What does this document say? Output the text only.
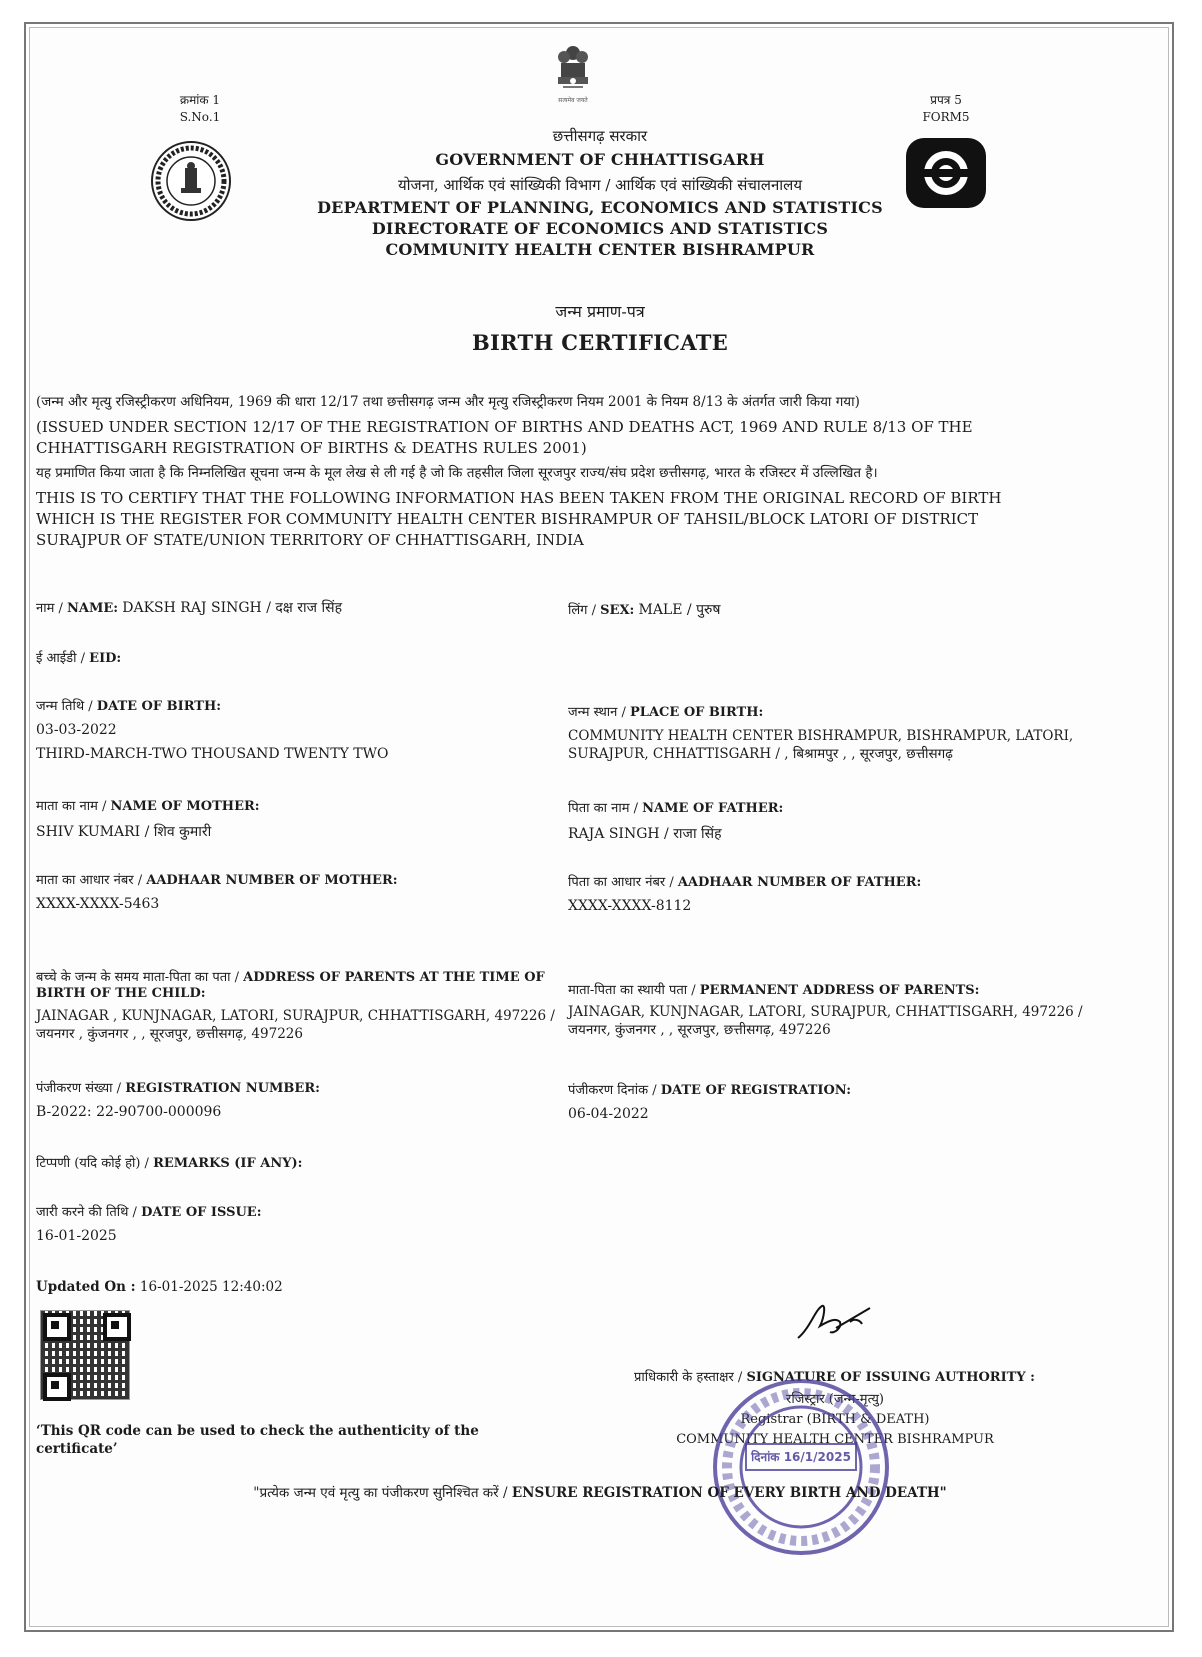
क्रमांक 1
S.No.1
सत्यमेव जयते	प्रपत्र 5
FORM5
छत्तीसगढ़ सरकार
GOVERNMENT OF CHHATTISGARH
योजना, आर्थिक एवं सांख्यिकी विभाग / आर्थिक एवं सांख्यिकी संचालनालय
DEPARTMENT OF PLANNING, ECONOMICS AND STATISTICS
DIRECTORATE OF ECONOMICS AND STATISTICS
COMMUNITY HEALTH CENTER BISHRAMPUR
जन्म प्रमाण-पत्र
BIRTH CERTIFICATE
(जन्म और मृत्यु रजिस्ट्रीकरण अधिनियम, 1969 की धारा 12/17 तथा छत्तीसगढ़ जन्म और मृत्यु रजिस्ट्रीकरण नियम 2001 के नियम 8/13 के अंतर्गत जारी किया गया)
(ISSUED UNDER SECTION 12/17 OF THE REGISTRATION OF BIRTHS AND DEATHS ACT, 1969 AND RULE 8/13 OF THE
CHHATTISGARH REGISTRATION OF BIRTHS & DEATHS RULES 2001)
यह प्रमाणित किया जाता है कि निम्नलिखित सूचना जन्म के मूल लेख से ली गई है जो कि तहसील जिला सूरजपुर राज्य/संघ प्रदेश छत्तीसगढ़, भारत के रजिस्टर में उल्लिखित है।
THIS IS TO CERTIFY THAT THE FOLLOWING INFORMATION HAS BEEN TAKEN FROM THE ORIGINAL RECORD OF BIRTH
WHICH IS THE REGISTER FOR COMMUNITY HEALTH CENTER BISHRAMPUR OF TAHSIL/BLOCK LATORI OF DISTRICT
SURAJPUR OF STATE/UNION TERRITORY OF CHHATTISGARH, INDIA
नाम / NAME: DAKSH RAJ SINGH / दक्ष राज सिंह	लिंग / SEX: MALE / पुरुष
ई आईडी / EID:
जन्म तिथि / DATE OF BIRTH:
03-03-2022
THIRD-MARCH-TWO THOUSAND TWENTY TWO
जन्म स्थान / PLACE OF BIRTH:
COMMUNITY HEALTH CENTER BISHRAMPUR, BISHRAMPUR, LATORI,
SURAJPUR, CHHATTISGARH / , बिश्रामपुर , , सूरजपुर, छत्तीसगढ़
माता का नाम / NAME OF MOTHER:
SHIV KUMARI / शिव कुमारी
पिता का नाम / NAME OF FATHER:
RAJA SINGH / राजा सिंह
माता का आधार नंबर / AADHAAR NUMBER OF MOTHER:
XXXX-XXXX-5463
पिता का आधार नंबर / AADHAAR NUMBER OF FATHER:
XXXX-XXXX-8112
बच्चे के जन्म के समय माता-पिता का पता / ADDRESS OF PARENTS AT THE TIME OF
BIRTH OF THE CHILD:
JAINAGAR , KUNJNAGAR, LATORI, SURAJPUR, CHHATTISGARH, 497226 /
जयनगर , कुंजनगर , , सूरजपुर, छत्तीसगढ़, 497226
माता-पिता का स्थायी पता / PERMANENT ADDRESS OF PARENTS:
JAINAGAR, KUNJNAGAR, LATORI, SURAJPUR, CHHATTISGARH, 497226 /
जयनगर, कुंजनगर , , सूरजपुर, छत्तीसगढ़, 497226
पंजीकरण संख्या / REGISTRATION NUMBER:
B-2022: 22-90700-000096
पंजीकरण दिनांक / DATE OF REGISTRATION:
06-04-2022
टिप्पणी (यदि कोई हो) / REMARKS (IF ANY):
जारी करने की तिथि / DATE OF ISSUE:
16-01-2025
Updated On : 16-01-2025 12:40:02
‘This QR code can be used to check the authenticity of the
certificate’
प्राधिकारी के हस्ताक्षर / SIGNATURE OF ISSUING AUTHORITY :
रजिस्ट्रार (जन्म-मृत्यु)
Registrar (BIRTH & DEATH)
COMMUNITY HEALTH CENTER BISHRAMPUR
दिनांक 16/1/2025
"प्रत्येक जन्म एवं मृत्यु का पंजीकरण सुनिश्चित करें / ENSURE REGISTRATION OF EVERY BIRTH AND DEATH"
